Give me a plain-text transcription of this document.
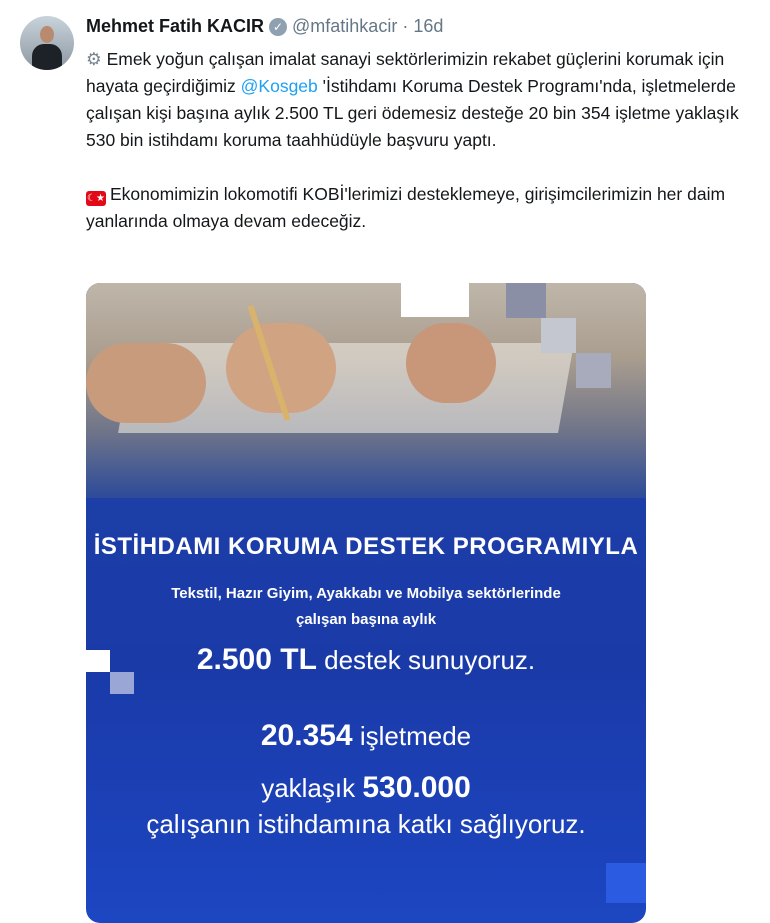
Mehmet Fatih KACIR ✓ @mfatihkacir · 16d

⚙ Emek yoğun çalışan imalat sanayi sektörlerimizin rekabet güçlerini korumak için hayata geçirdiğimiz @Kosgeb 'İstihdamı Koruma Destek Programı'nda, işletmelerde çalışan kişi başına aylık 2.500 TL geri ödemesiz desteğe 20 bin 354 işletme yaklaşık 530 bin istihdamı koruma taahhüdüyle başvuru yaptı.

☾★ Ekonomimizin lokomotifi KOBİ'lerimizi desteklemeye, girişimcilerimizin her daim yanlarında olmaya devam edeceğiz.

İSTİHDAMI KORUMA DESTEK PROGRAMIYLA
Tekstil, Hazır Giyim, Ayakkabı ve Mobilya sektörlerinde
çalışan başına aylık
2.500 TL destek sunuyoruz.
20.354 işletmede
yaklaşık 530.000
çalışanın istihdamına katkı sağlıyoruz.
